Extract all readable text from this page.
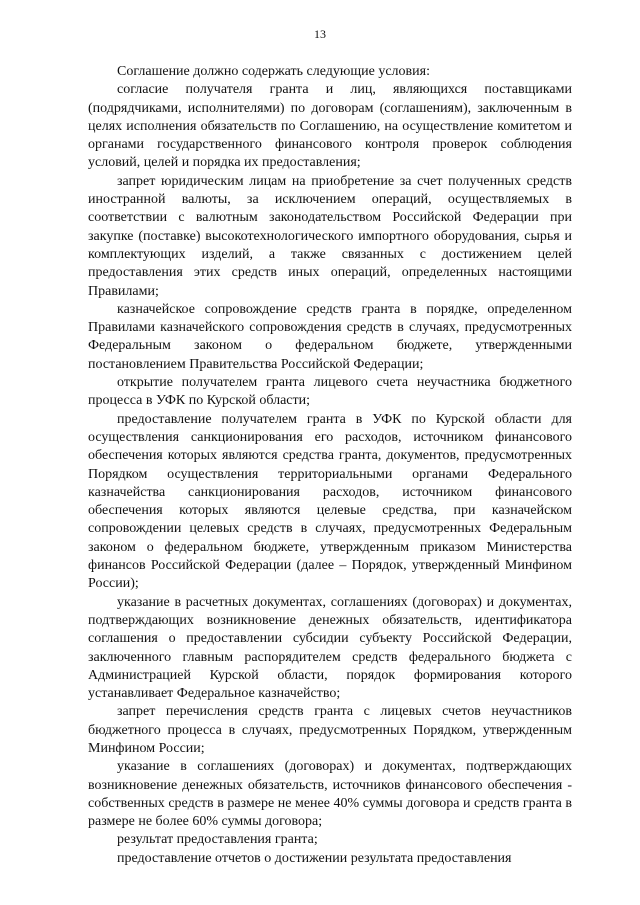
13

Соглашение должно содержать следующие условия:

согласие получателя гранта и лиц, являющихся поставщиками (подрядчиками, исполнителями) по договорам (соглашениям), заключенным в целях исполнения обязательств по Соглашению, на осуществление комитетом и органами государственного финансового контроля проверок соблюдения условий, целей и порядка их предоставления;

запрет юридическим лицам на приобретение за счет полученных средств иностранной валюты, за исключением операций, осуществляемых в соответствии с валютным законодательством Российской Федерации при закупке (поставке) высокотехнологического импортного оборудования, сырья и комплектующих изделий, а также связанных с достижением целей предоставления этих средств иных операций, определенных настоящими Правилами;

казначейское сопровождение средств гранта в порядке, определенном Правилами казначейского сопровождения средств в случаях, предусмотренных Федеральным законом о федеральном бюджете, утвержденными постановлением Правительства Российской Федерации;

открытие получателем гранта лицевого счета неучастника бюджетного процесса в УФК по Курской области;

предоставление получателем гранта в УФК по Курской области для осуществления санкционирования его расходов, источником финансового обеспечения которых являются средства гранта, документов, предусмотренных Порядком осуществления территориальными органами Федерального казначейства санкционирования расходов, источником финансового обеспечения которых являются целевые средства, при казначейском сопровождении целевых средств в случаях, предусмотренных Федеральным законом о федеральном бюджете, утвержденным приказом Министерства финансов Российской Федерации (далее – Порядок, утвержденный Минфином России);

указание в расчетных документах, соглашениях (договорах) и документах, подтверждающих возникновение денежных обязательств, идентификатора соглашения о предоставлении субсидии субъекту Российской Федерации, заключенного главным распорядителем средств федерального бюджета с Администрацией Курской области, порядок формирования которого устанавливает Федеральное казначейство;

запрет перечисления средств гранта с лицевых счетов неучастников бюджетного процесса в случаях, предусмотренных Порядком, утвержденным Минфином России;

указание в соглашениях (договорах) и документах, подтверждающих возникновение денежных обязательств, источников финансового обеспечения - собственных средств в размере не менее 40% суммы договора и средств гранта в размере не более 60% суммы договора;

результат предоставления гранта;

предоставление отчетов о достижении результата предоставления
